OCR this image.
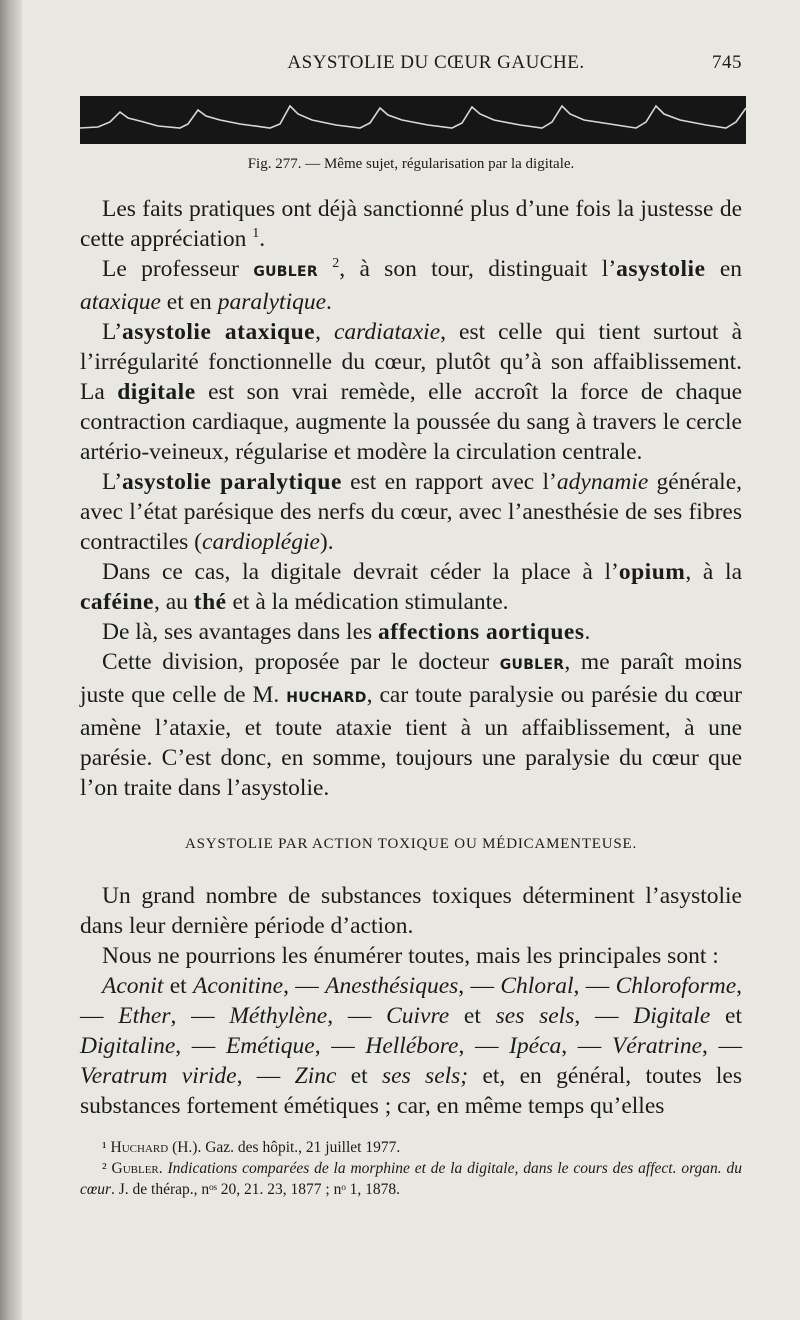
ASYSTOLIE DU CŒUR GAUCHE.	745
Fig. 277. — Même sujet, régularisation par la digitale.

Les faits pratiques ont déjà sanctionné plus d’une fois la justesse de cette appréciation $^1$.

Le professeur GUBLER $^2$, à son tour, distinguait l’asystolie en ataxique et en paralytique.

L’asystolie ataxique, cardiataxie, est celle qui tient surtout à l’irrégularité fonctionnelle du cœur, plutôt qu’à son affaiblissement. La digitale est son vrai remède, elle accroît la force de chaque contraction cardiaque, augmente la poussée du sang à travers le cercle artério-veineux, régularise et modère la circulation centrale.

L’asystolie paralytique est en rapport avec l’adynamie générale, avec l’état parésique des nerfs du cœur, avec l’anesthésie de ses fibres contractiles (cardioplégie).

Dans ce cas, la digitale devrait céder la place à l’opium, à la caféine, au thé et à la médication stimulante.

De là, ses avantages dans les affections aortiques.

Cette division, proposée par le docteur GUBLER, me paraît moins juste que celle de M. HUCHARD, car toute paralysie ou parésie du cœur amène l’ataxie, et toute ataxie tient à un affaiblissement, à une parésie. C’est donc, en somme, toujours une paralysie du cœur que l’on traite dans l’asystolie.

ASYSTOLIE PAR ACTION TOXIQUE OU MÉDICAMENTEUSE.

Un grand nombre de substances toxiques déterminent l’asystolie dans leur dernière période d’action.

Nous ne pourrions les énumérer toutes, mais les principales sont :

Aconit et Aconitine, — Anesthésiques, — Chloral, — Chloroforme, — Ether, — Méthylène, — Cuivre et ses sels, — Digitale et Digitaline, — Emétique, — Hellébore, — Ipéca, — Vératrine, — Veratrum viride, — Zinc et ses sels; et, en général, toutes les substances fortement émétiques ; car, en même temps qu’elles

¹ Huchard (H.). Gaz. des hôpit., 21 juillet 1977.

² Gubler. Indications comparées de la morphine et de la digitale, dans le cours des affect. organ. du cœur. J. de thérap., nᵒˢ 20, 21. 23, 1877 ; nᵒ 1, 1878.
